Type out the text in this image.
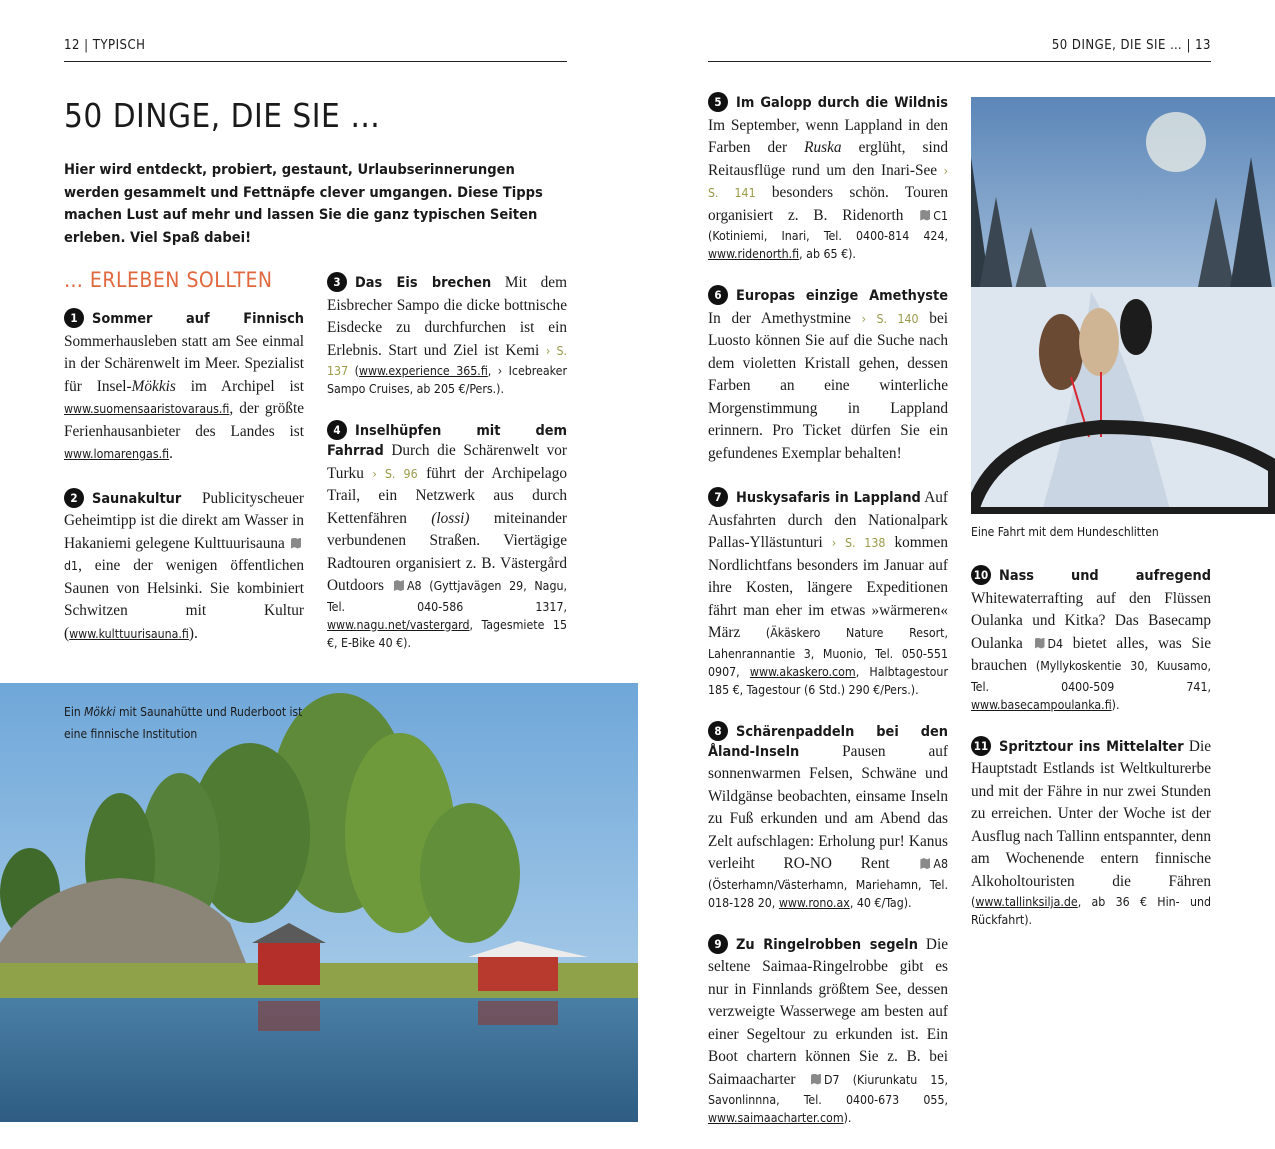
12 | TYPISCH	50 DINGE, DIE SIE … | 13
50 DINGE, DIE SIE …

Hier wird entdeckt, probiert, gestaunt, Urlaubserinnerungen werden gesammelt und Fettnäpfe clever umgangen. Diese Tipps machen Lust auf mehr und lassen Sie die ganz typischen Seiten erleben. Viel Spaß dabei!

… ERLEBEN SOLLTEN
1 Sommer auf Finnisch Sommerhausleben statt am See einmal in der Schärenwelt im Meer. Spezialist für Insel-Mökkis im Archipel ist www.suomensaaristovaraus.fi, der größte Ferienhausanbieter des Landes ist www.lomarengas.fi.
2 Saunakultur Publicityscheuer Geheimtipp ist die direkt am Wasser in Hakaniemi gelegene Kulttuurisauna d1, eine der wenigen öffentlichen Saunen von Helsinki. Sie kombiniert Schwitzen mit Kultur (www.kulttuurisauna.fi).
3 Das Eis brechen Mit dem Eisbrecher Sampo die dicke bottnische Eisdecke zu durchfurchen ist ein Erlebnis. Start und Ziel ist Kemi › S. 137 (www.experience 365.fi, › Icebreaker Sampo Cruises, ab 205 €/Pers.).
4 Inselhüpfen mit dem Fahrrad Durch die Schärenwelt vor Turku › S. 96 führt der Archipelago Trail, ein Netzwerk aus durch Kettenfähren (lossi) miteinander verbundenen Straßen. Viertägige Radtouren organisiert z. B. Västergård Outdoors A8 (Gyttjavägen 29, Nagu, Tel. 040-586 1317, www.nagu.net/vastergard, Tagesmiete 15 €, E-Bike 40 €).
Ein Mökki mit Saunahütte und Ruderboot ist eine finnische Institution
5 Im Galopp durch die Wildnis Im September, wenn Lappland in den Farben der Ruska erglüht, sind Reitausflüge rund um den Inari-See › S. 141 besonders schön. Touren organisiert z. B. Ridenorth C1 (Kotiniemi, Inari, Tel. 0400-814 424, www.ridenorth.fi, ab 65 €).
6 Europas einzige Amethyste In der Amethystmine › S. 140 bei Luosto können Sie auf die Suche nach dem violetten Kristall gehen, dessen Farben an eine winterliche Morgenstimmung in Lappland erinnern. Pro Ticket dürfen Sie ein gefundenes Exemplar behalten!
7 Huskysafaris in Lappland Auf Ausfahrten durch den Nationalpark Pallas-Yllästunturi › S. 138 kommen Nordlichtfans besonders im Januar auf ihre Kosten, längere Expeditionen fährt man eher im etwas »wärmeren« März (Äkäskero Nature Resort, Lahenrannantie 3, Muonio, Tel. 050-551 0907, www.akaskero.com, Halbtagestour 185 €, Tagestour (6 Std.) 290 €/Pers.).
8 Schärenpaddeln bei den Åland-Inseln Pausen auf sonnenwarmen Felsen, Schwäne und Wildgänse beobachten, einsame Inseln zu Fuß erkunden und am Abend das Zelt aufschlagen: Erholung pur! Kanus verleiht RO-NO Rent A8 (Österhamn/Västerhamn, Mariehamn, Tel. 018-128 20, www.rono.ax, 40 €/Tag).
9 Zu Ringelrobben segeln Die seltene Saimaa-Ringelrobbe gibt es nur in Finnlands größtem See, dessen verzweigte Wasserwege am besten auf einer Segeltour zu erkunden ist. Ein Boot chartern können Sie z. B. bei Saimaacharter D7 (Kiurunkatu 15, Savonlinnna, Tel. 0400-673 055, www.saimaacharter.com).
Eine Fahrt mit dem Hundeschlitten
10 Nass und aufregend Whitewaterrafting auf den Flüssen Oulanka und Kitka? Das Basecamp Oulanka D4 bietet alles, was Sie brauchen (Myllykoskentie 30, Kuusamo, Tel. 0400-509 741, www.basecampoulanka.fi).
11 Spritztour ins Mittelalter Die Hauptstadt Estlands ist Weltkulturerbe und mit der Fähre in nur zwei Stunden zu erreichen. Unter der Woche ist der Ausflug nach Tallinn entspannter, denn am Wochenende entern finnische Alkoholtouristen die Fähren (www.tallinksilja.de, ab 36 € Hin- und Rückfahrt).
